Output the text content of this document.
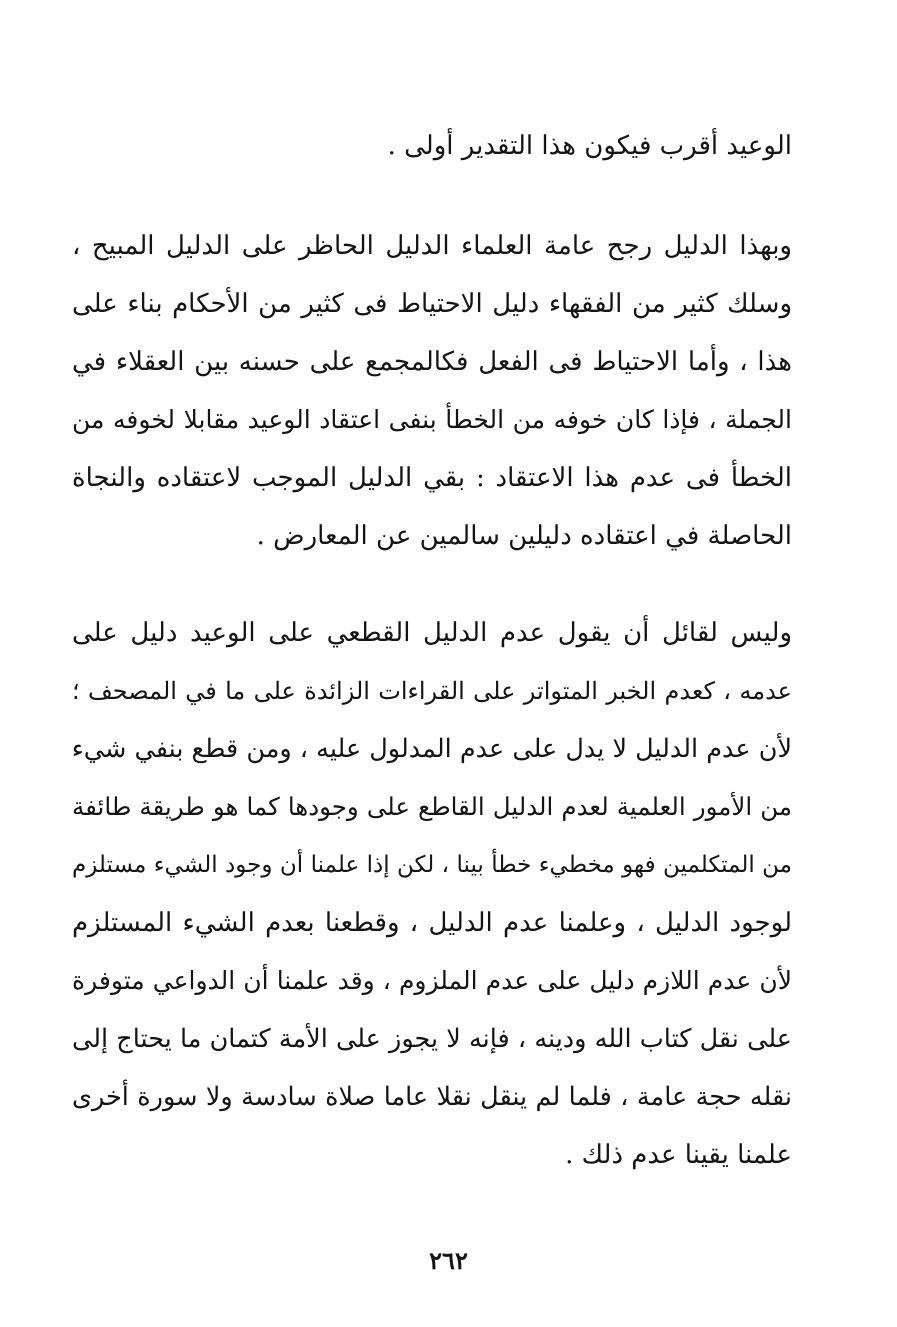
الوعيد أقرب فيكون هذا التقدير أولى .
وبهذا الدليل رجح عامة العلماء الدليل الحاظر على الدليل المبيح ،
وسلك كثير من الفقهاء دليل الاحتياط فى كثير من الأحكام بناء على
هذا ، وأما الاحتياط فى الفعل فكالمجمع على حسنه بين العقلاء في
الجملة ، فإذا كان خوفه من الخطأ بنفى اعتقاد الوعيد مقابلا لخوفه من
الخطأ فى عدم هذا الاعتقاد : بقي الدليل الموجب لاعتقاده والنجاة
الحاصلة في اعتقاده دليلين سالمين عن المعارض .
وليس لقائل أن يقول عدم الدليل القطعي على الوعيد دليل على
عدمه ، كعدم الخبر المتواتر على القراءات الزائدة على ما في المصحف ؛
لأن عدم الدليل لا يدل على عدم المدلول عليه ، ومن قطع بنفي شيء
من الأمور العلمية لعدم الدليل القاطع على وجودها كما هو طريقة طائفة
من المتكلمين فهو مخطيء خطأ بينا ، لكن إذا علمنا أن وجود الشيء مستلزم
لوجود الدليل ، وعلمنا عدم الدليل ، وقطعنا بعدم الشيء المستلزم
لأن عدم اللازم دليل على عدم الملزوم ، وقد علمنا أن الدواعي متوفرة
على نقل كتاب الله ودينه ، فإنه لا يجوز على الأمة كتمان ما يحتاج إلى
نقله حجة عامة ، فلما لم ينقل نقلا عاما صلاة سادسة ولا سورة أخرى
علمنا يقينا عدم ذلك .
٢٦٢
